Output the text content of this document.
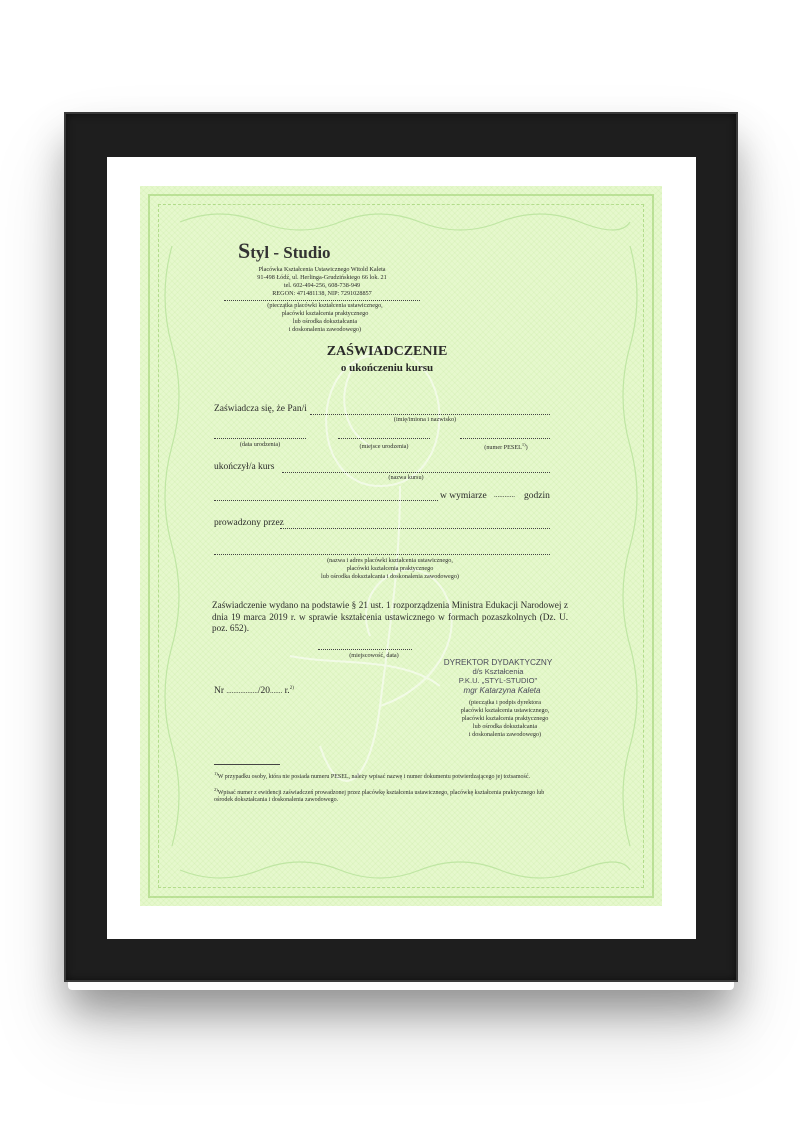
Styl - Studio
Placówka Kształcenia Ustawicznego Witold Kaleta
91-498 Łódź, ul. Herlinga-Grudzińskiego 66 lok. 21
tel. 602-494-256, 608-738-949
REGON: 471481138, NIP: 7291028857
(pieczątka placówki kształcenia ustawicznego,
placówki kształcenia praktycznego
lub ośrodka dokształcania
i doskonalenia zawodowego)
ZAŚWIADCZENIE
o ukończeniu kursu
Zaświadcza się, że Pan/i
(imię/imiona i nazwisko)
(data urodzenia)	(miejsce urodzenia)	(numer PESEL$^{1)}$)
ukończył/a kurs
(nazwa kursu)
w wymiarze ............ godzin
prowadzony przez
(nazwa i adres placówki kształcenia ustawicznego,
placówki kształcenia praktycznego
lub ośrodka dokształcania i doskonalenia zawodowego)
Zaświadczenie wydano na podstawie § 21 ust. 1 rozporządzenia Ministra Edukacji Narodowej z dnia 19 marca 2019 r. w sprawie kształcenia ustawicznego w formach pozaszkolnych (Dz. U. poz. 652).
(miejscowość, data)
DYREKTOR DYDAKTYCZNY
d/s Kształcenia
P.K.U. „STYL-STUDIO"
mgr Katarzyna Kaleta
(pieczątka i podpis dyrektora
placówki kształcenia ustawicznego,
placówki kształcenia praktycznego
lub ośrodka dokształcania
i doskonalenia zawodowego)
Nr ................../20....... r.$^{2)}$
$^{1)}$W przypadku osoby, która nie posiada numeru PESEL, należy wpisać nazwę i numer dokumentu potwierdzającego jej tożsamość.
$^{2)}$Wpisać numer z ewidencji zaświadczeń prowadzonej przez placówkę kształcenia ustawicznego, placówkę kształcenia praktycznego lub ośrodek dokształcania i doskonalenia zawodowego.
